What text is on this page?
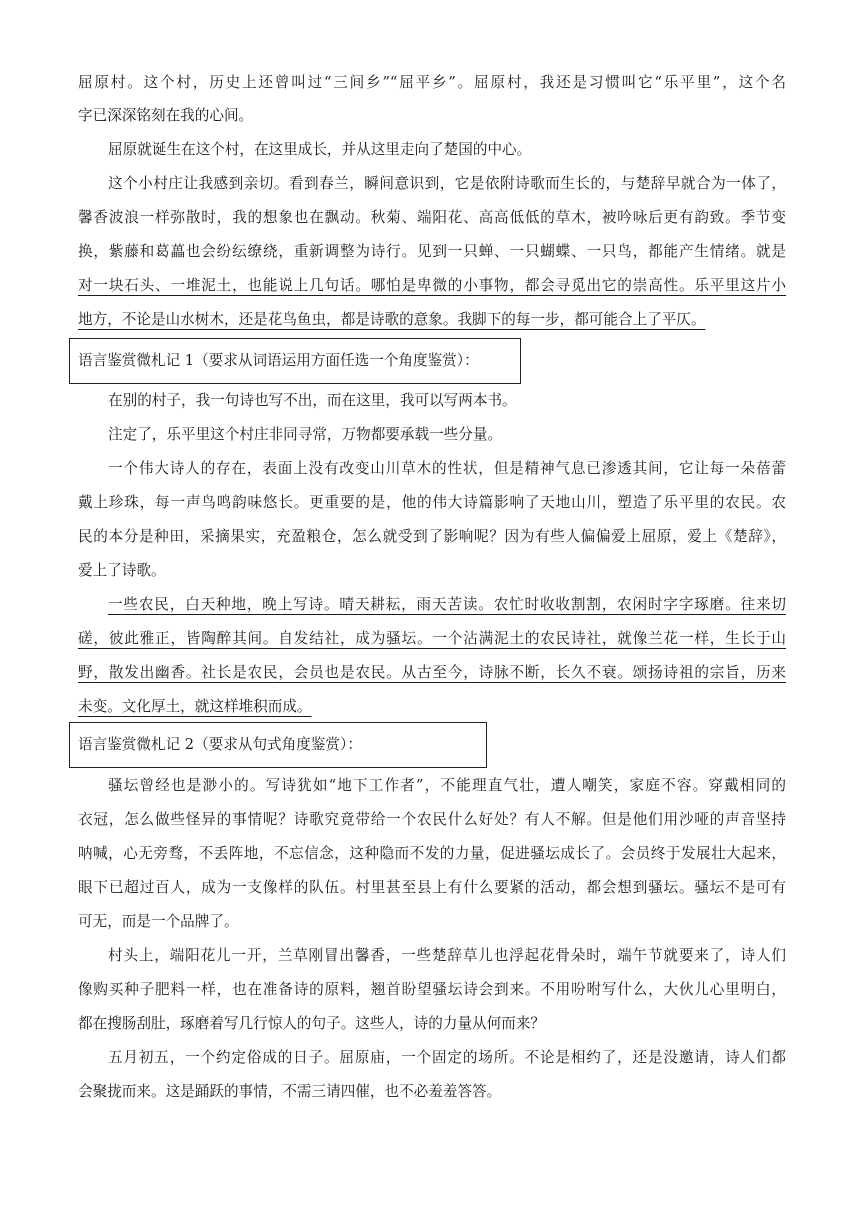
屈原村。这个村，历史上还曾叫过“三间乡”“屈平乡”。屈原村，我还是习惯叫它“乐平里”，这个名
字已深深铭刻在我的心间。
屈原就诞生在这个村，在这里成长，并从这里走向了楚国的中心。
这个小村庄让我感到亲切。看到春兰，瞬间意识到，它是依附诗歌而生长的，与楚辞早就合为一体了，
馨香波浪一样弥散时，我的想象也在飘动。秋菊、端阳花、高高低低的草木，被吟咏后更有韵致。季节变
换，紫藤和葛藟也会纷纭缭绕，重新调整为诗行。见到一只蝉、一只蝴蝶、一只鸟，都能产生情绪。就是
对一块石头、一堆泥土，也能说上几句话。哪怕是卑微的小事物，都会寻觅出它的崇高性。乐平里这片小
地方，不论是山水树木，还是花鸟鱼虫，都是诗歌的意象。我脚下的每一步，都可能合上了平仄。
语言鉴赏微札记 1（要求从词语运用方面任选一个角度鉴赏）：
在别的村子，我一句诗也写不出，而在这里，我可以写两本书。
注定了，乐平里这个村庄非同寻常，万物都要承载一些分量。
一个伟大诗人的存在，表面上没有改变山川草木的性状，但是精神气息已渗透其间，它让每一朵蓓蕾
戴上珍珠，每一声鸟鸣韵味悠长。更重要的是，他的伟大诗篇影响了天地山川，塑造了乐平里的农民。农
民的本分是种田，采摘果实，充盈粮仓，怎么就受到了影响呢？因为有些人偏偏爱上屈原，爱上《楚辞》，
爱上了诗歌。
一些农民，白天种地，晚上写诗。晴天耕耘，雨天苦读。农忙时收收割割，农闲时字字琢磨。往来切
磋，彼此雅正，皆陶醉其间。自发结社，成为骚坛。一个沾满泥土的农民诗社，就像兰花一样，生长于山
野，散发出幽香。社长是农民，会员也是农民。从古至今，诗脉不断，长久不衰。颂扬诗祖的宗旨，历来
未变。文化厚土，就这样堆积而成。
语言鉴赏微札记 2（要求从句式角度鉴赏）：
骚坛曾经也是渺小的。写诗犹如“地下工作者”，不能理直气壮，遭人嘲笑，家庭不容。穿戴相同的
衣冠，怎么做些怪异的事情呢？诗歌究竟带给一个农民什么好处？有人不解。但是他们用沙哑的声音坚持
呐喊，心无旁骛，不丢阵地，不忘信念，这种隐而不发的力量，促进骚坛成长了。会员终于发展壮大起来，
眼下已超过百人，成为一支像样的队伍。村里甚至县上有什么要紧的活动，都会想到骚坛。骚坛不是可有
可无，而是一个品牌了。
村头上，端阳花儿一开，兰草刚冒出馨香，一些楚辞草儿也浮起花骨朵时，端午节就要来了，诗人们
像购买种子肥料一样，也在准备诗的原料，翘首盼望骚坛诗会到来。不用吩咐写什么，大伙儿心里明白，
都在搜肠刮肚，琢磨着写几行惊人的句子。这些人，诗的力量从何而来？
五月初五，一个约定俗成的日子。屈原庙，一个固定的场所。不论是相约了，还是没邀请，诗人们都
会聚拢而来。这是踊跃的事情，不需三请四催，也不必羞羞答答。
